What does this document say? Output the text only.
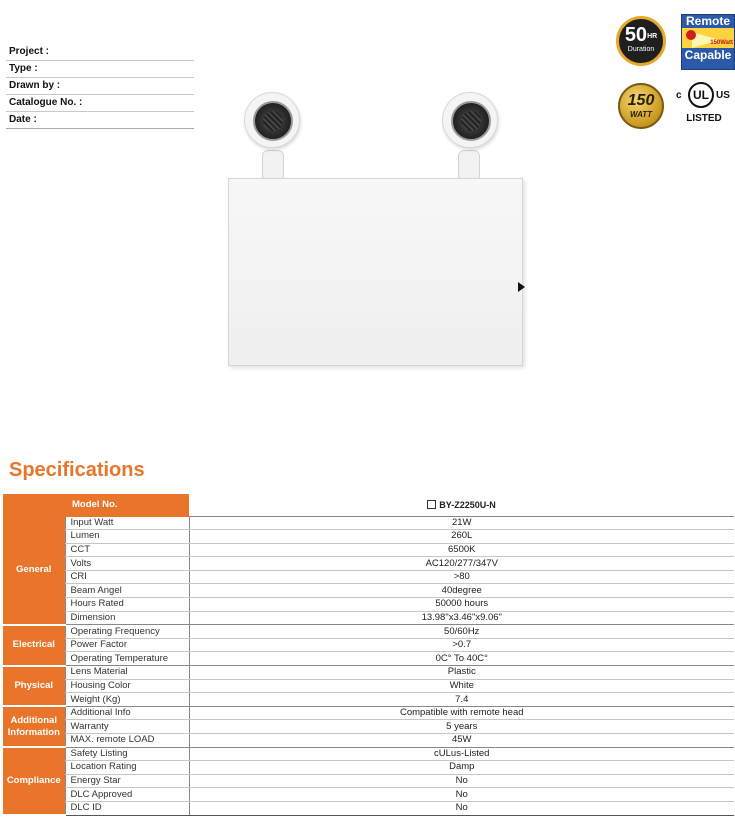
Project :
Type :
Drawn by :
Catalogue No. :
Date :
$50^{HR}$
Duration
Remote
150Watt
Capable
150
WATT
c UL US
LISTED
Specifications
Model No.		BY-Z2250U-N
General	Input Watt	21W
	Lumen	260L
	CCT	6500K
	Volts	AC120/277/347V
	CRI	>80
	Beam Angel	40degree
	Hours Rated	50000 hours
	Dimension	13.98"x3.46"x9.06"
Electrical	Operating Frequency	50/60Hz
	Power Factor	>0.7
	Operating Temperature	0C° To 40C°
Physical	Lens Material	Plastic
	Housing Color	White
	Weight (Kg)	7.4
Additional Information	Additional Info	Compatible with remote head
	Warranty	5 years
	MAX. remote LOAD	45W
Compliance	Safety Listing	cULus-Listed
	Location Rating	Damp
	Energy Star	No
	DLC Approved	No
	DLC ID	No
